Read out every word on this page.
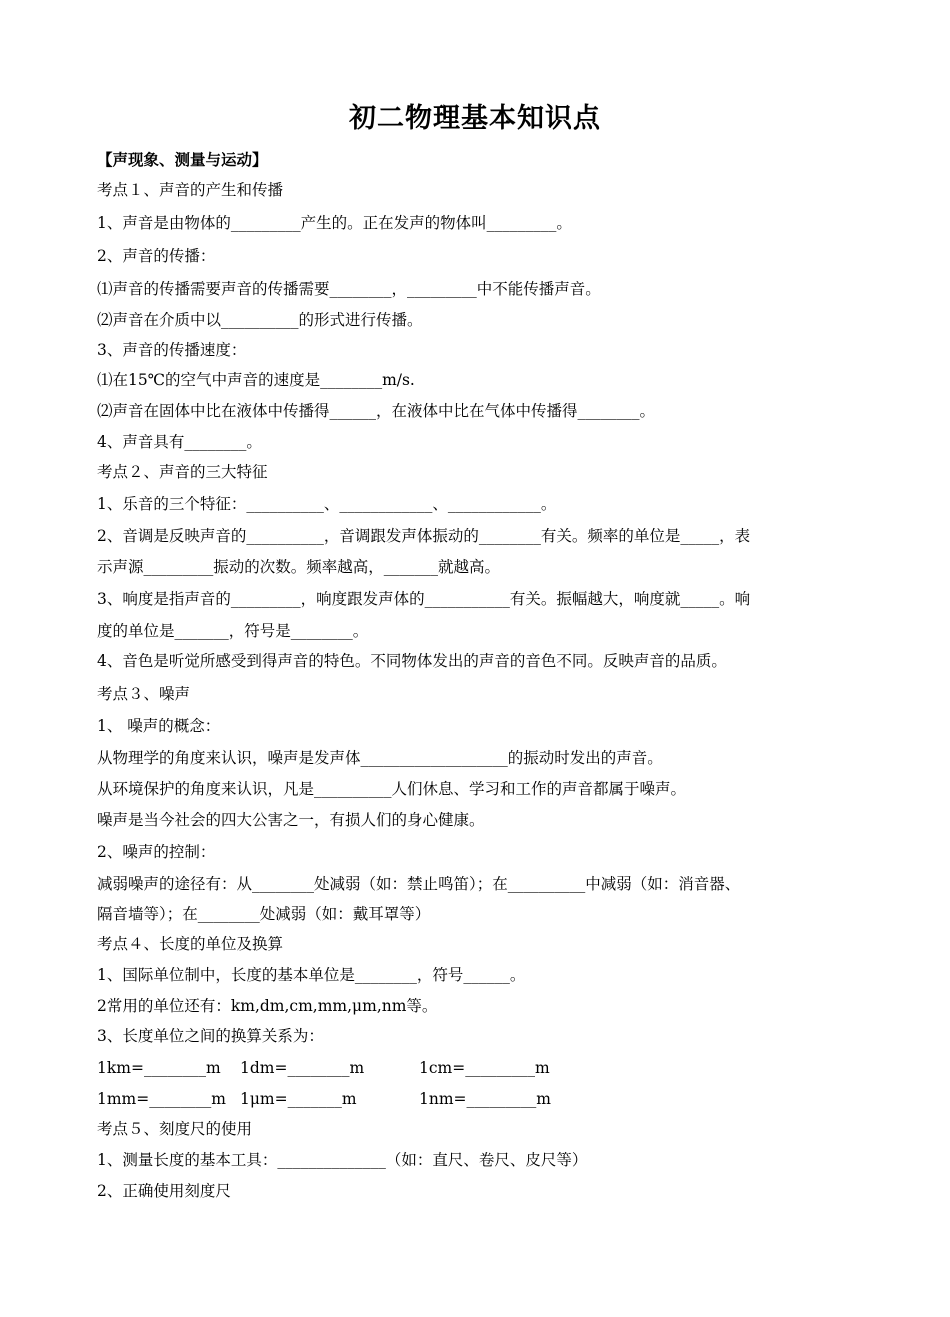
初二物理基本知识点
【声现象、测量与运动】
考点１、声音的产生和传播
1、声音是由物体的_________产生的。正在发声的物体叫_________。
2、声音的传播：
⑴声音的传播需要声音的传播需要________，_________中不能传播声音。
⑵声音在介质中以__________的形式进行传播。
3、声音的传播速度：
⑴在15℃的空气中声音的速度是________m/s.
⑵声音在固体中比在液体中传播得______，在液体中比在气体中传播得________。
4、声音具有________。
考点２、声音的三大特征
1、乐音的三个特征：__________、____________、____________。
2、音调是反映声音的__________，音调跟发声体振动的________有关。频率的单位是_____，表
示声源_________振动的次数。频率越高，_______就越高。
3、响度是指声音的_________，响度跟发声体的___________有关。振幅越大，响度就_____。响
度的单位是_______，符号是________。
4、音色是听觉所感受到得声音的特色。不同物体发出的声音的音色不同。反映声音的品质。
考点３、噪声
1、 噪声的概念：
从物理学的角度来认识，噪声是发声体___________________的振动时发出的声音。
从环境保护的角度来认识，凡是__________人们休息、学习和工作的声音都属于噪声。
噪声是当今社会的四大公害之一，有损人们的身心健康。
2、噪声的控制：
减弱噪声的途径有：从________处减弱（如：禁止鸣笛）；在__________中减弱（如：消音器、
隔音墙等）；在________处减弱（如：戴耳罩等）
考点４、长度的单位及换算
1、国际单位制中，长度的基本单位是________，符号______。
2常用的单位还有：km,dm,cm,mm,μm,nm等。
3、长度单位之间的换算关系为：
1km=________m 1dm=________m	1cm=_________m
1mm=________m 1μm=_______m	1nm=_________m
考点５、刻度尺的使用
1、测量长度的基本工具：______________（如：直尺、卷尺、皮尺等）
2、正确使用刻度尺
